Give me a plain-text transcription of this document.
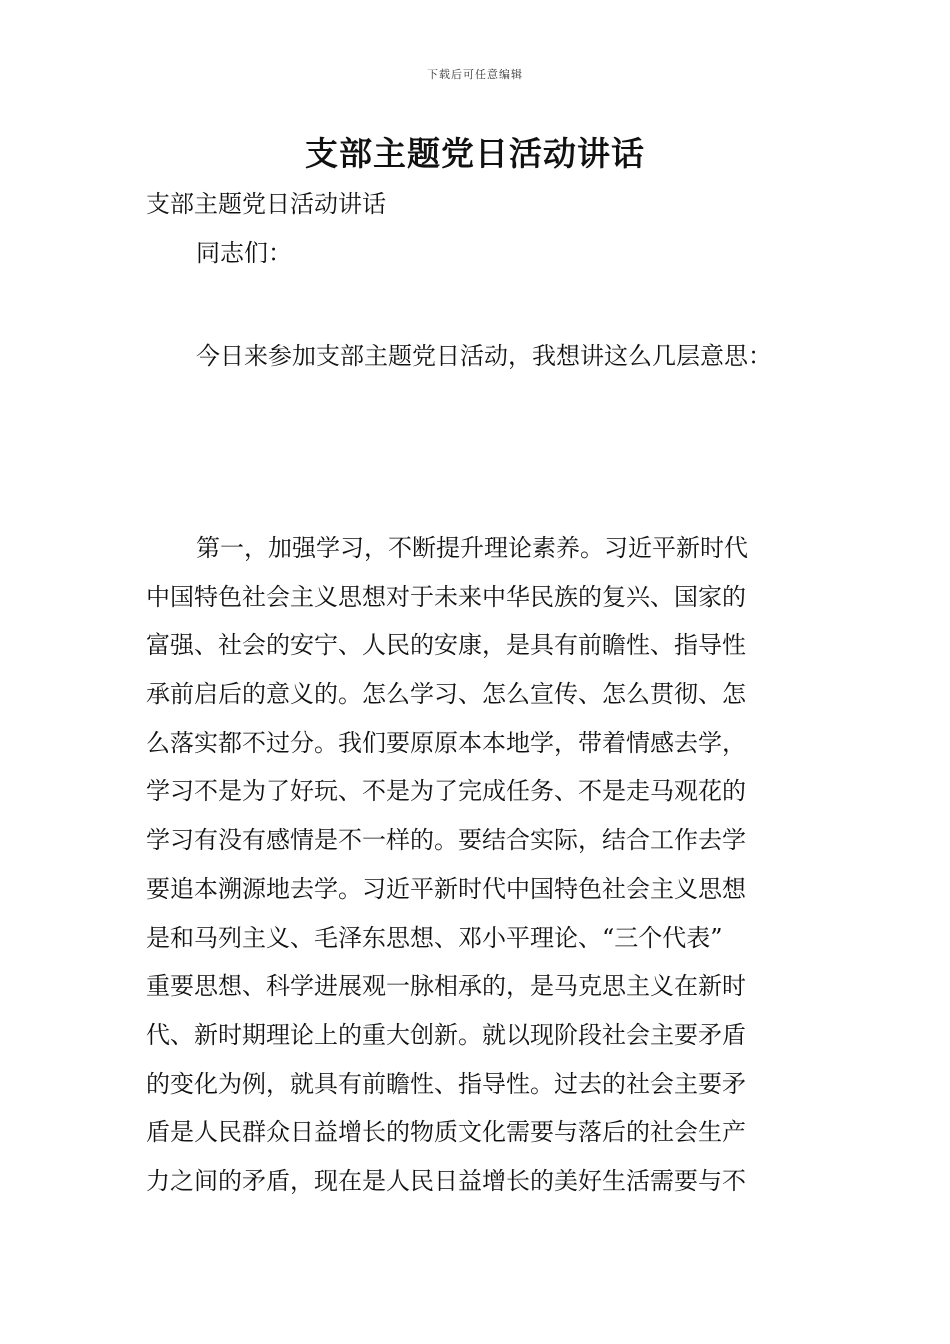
下载后可任意编辑
支部主题党日活动讲话

支部主题党日活动讲话

同志们：

今日来参加支部主题党日活动，我想讲这么几层意思：

第一，加强学习，不断提升理论素养。习近平新时代
中国特色社会主义思想对于未来中华民族的复兴、国家的
富强、社会的安宁、人民的安康，是具有前瞻性、指导性
承前启后的意义的。怎么学习、怎么宣传、怎么贯彻、怎
么落实都不过分。我们要原原本本地学，带着情感去学，
学习不是为了好玩、不是为了完成任务、不是走马观花的
学习有没有感情是不一样的。要结合实际，结合工作去学
要追本溯源地去学。习近平新时代中国特色社会主义思想
是和马列主义、毛泽东思想、邓小平理论、“三个代表”
重要思想、科学进展观一脉相承的，是马克思主义在新时
代、新时期理论上的重大创新。就以现阶段社会主要矛盾
的变化为例，就具有前瞻性、指导性。过去的社会主要矛
盾是人民群众日益增长的物质文化需要与落后的社会生产
力之间的矛盾，现在是人民日益增长的美好生活需要与不
